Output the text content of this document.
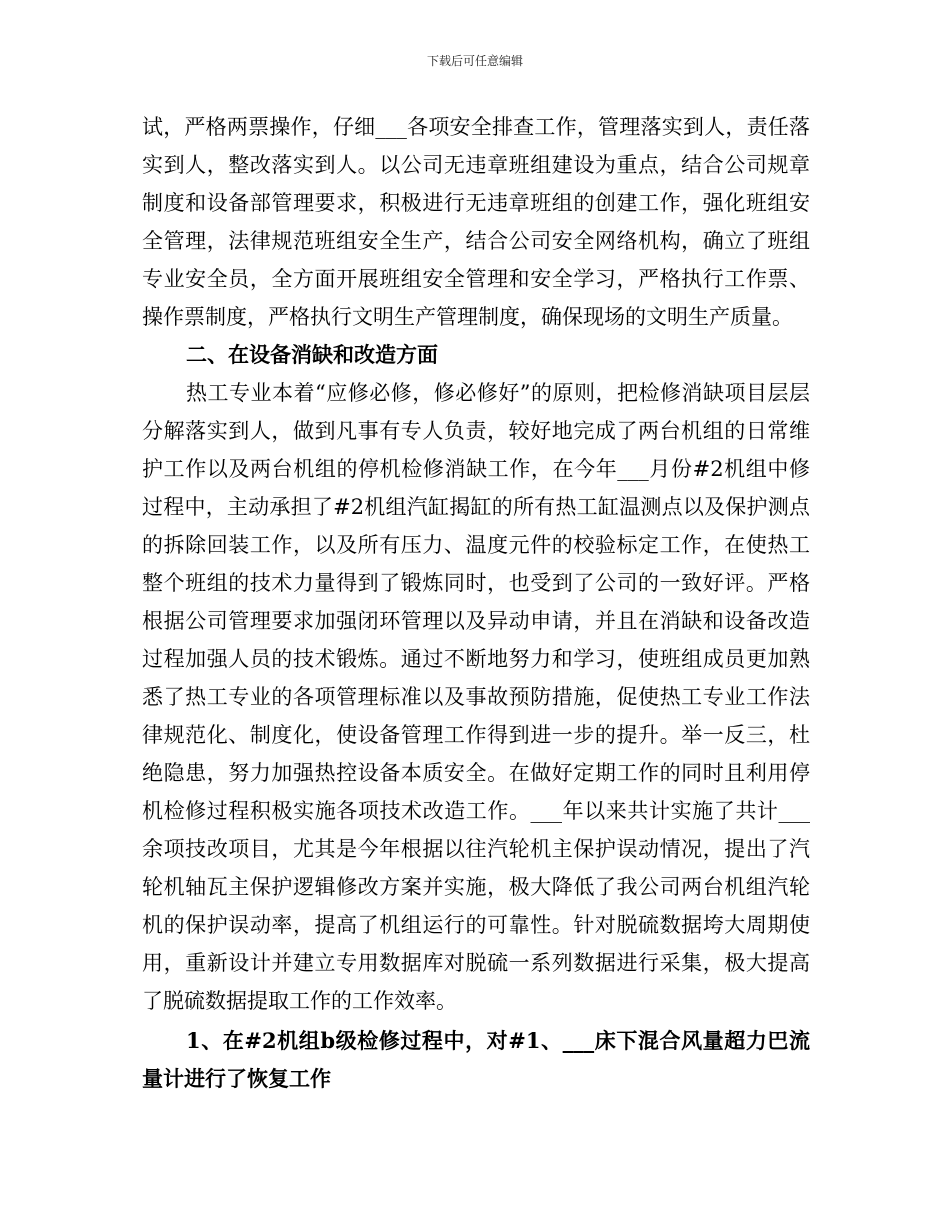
下载后可任意编辑

试，严格两票操作，仔细___各项安全排查工作，管理落实到人，责任落实到人，整改落实到人。以公司无违章班组建设为重点，结合公司规章制度和设备部管理要求，积极进行无违章班组的创建工作，强化班组安全管理，法律规范班组安全生产，结合公司安全网络机构，确立了班组专业安全员，全方面开展班组安全管理和安全学习，严格执行工作票、操作票制度，严格执行文明生产管理制度，确保现场的文明生产质量。

二、在设备消缺和改造方面

热工专业本着“应修必修，修必修好”的原则，把检修消缺项目层层分解落实到人，做到凡事有专人负责，较好地完成了两台机组的日常维护工作以及两台机组的停机检修消缺工作，在今年___月份#2机组中修过程中，主动承担了#2机组汽缸揭缸的所有热工缸温测点以及保护测点的拆除回装工作，以及所有压力、温度元件的校验标定工作，在使热工整个班组的技术力量得到了锻炼同时，也受到了公司的一致好评。严格根据公司管理要求加强闭环管理以及异动申请，并且在消缺和设备改造过程加强人员的技术锻炼。通过不断地努力和学习，使班组成员更加熟悉了热工专业的各项管理标准以及事故预防措施，促使热工专业工作法律规范化、制度化，使设备管理工作得到进一步的提升。举一反三，杜绝隐患，努力加强热控设备本质安全。在做好定期工作的同时且利用停机检修过程积极实施各项技术改造工作。___年以来共计实施了共计___余项技改项目，尤其是今年根据以往汽轮机主保护误动情况，提出了汽轮机轴瓦主保护逻辑修改方案并实施，极大降低了我公司两台机组汽轮机的保护误动率，提高了机组运行的可靠性。针对脱硫数据垮大周期使用，重新设计并建立专用数据库对脱硫一系列数据进行采集，极大提高了脱硫数据提取工作的工作效率。

1、在#2机组b级检修过程中，对#1、___床下混合风量超力巴流量计进行了恢复工作
